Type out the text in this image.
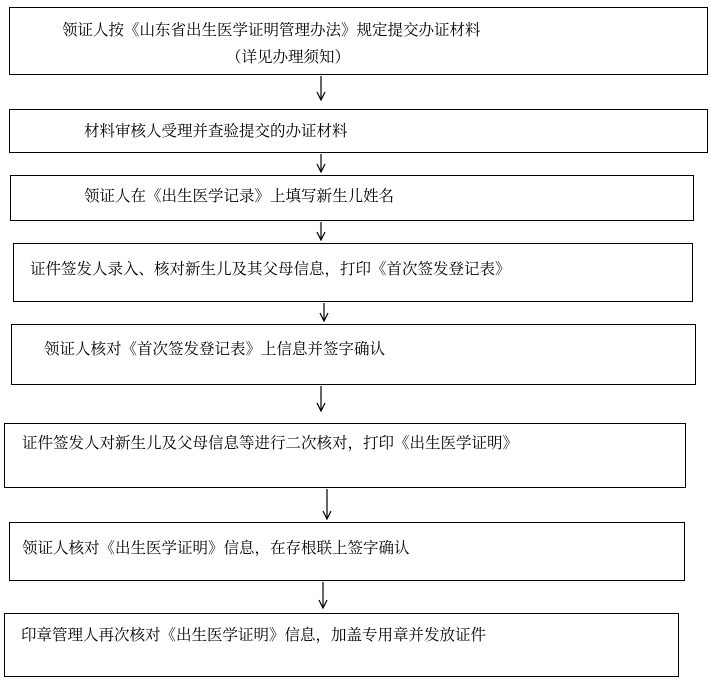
领证人按《山东省出生医学证明管理办法》规定提交办证材料
（详见办理须知）
材料审核人受理并查验提交的办证材料
领证人在《出生医学记录》上填写新生儿姓名
证件签发人录入、核对新生儿及其父母信息，打印《首次签发登记表》
领证人核对《首次签发登记表》上信息并签字确认
证件签发人对新生儿及父母信息等进行二次核对，打印《出生医学证明》
领证人核对《出生医学证明》信息，在存根联上签字确认
印章管理人再次核对《出生医学证明》信息，加盖专用章并发放证件
